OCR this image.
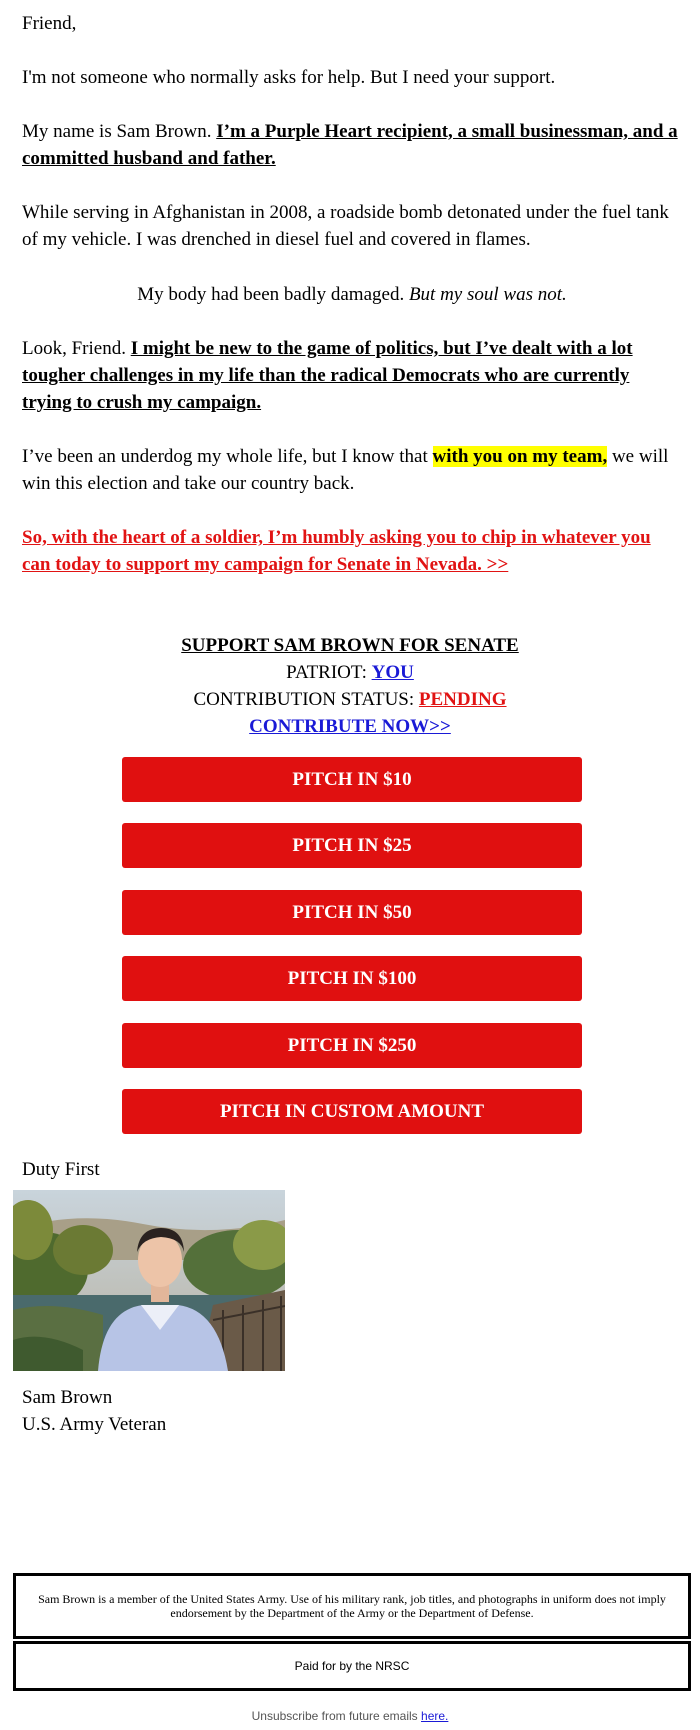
Friend,

I'm not someone who normally asks for help. But I need your support.

My name is Sam Brown. I’m a Purple Heart recipient, a small businessman, and a committed husband and father.

While serving in Afghanistan in 2008, a roadside bomb detonated under the fuel tank of my vehicle. I was drenched in diesel fuel and covered in flames.

My body had been badly damaged. But my soul was not.

Look, Friend. I might be new to the game of politics, but I’ve dealt with a lot tougher challenges in my life than the radical Democrats who are currently trying to crush my campaign.

I’ve been an underdog my whole life, but I know that with you on my team, we will win this election and take our country back.

So, with the heart of a soldier, I’m humbly asking you to chip in whatever you can today to support my campaign for Senate in Nevada. >>

SUPPORT SAM BROWN FOR SENATE
PATRIOT: YOU
CONTRIBUTION STATUS: PENDING
CONTRIBUTE NOW>>
PITCH IN $10
PITCH IN $25
PITCH IN $50
PITCH IN $100
PITCH IN $250
PITCH IN CUSTOM AMOUNT

Duty First

Sam Brown

U.S. Army Veteran

Sam Brown is a member of the United States Army. Use of his military rank, job titles, and photographs in uniform does not imply endorsement by the Department of the Army or the Department of Defense.
Paid for by the NRSC
Unsubscribe from future emails here.
